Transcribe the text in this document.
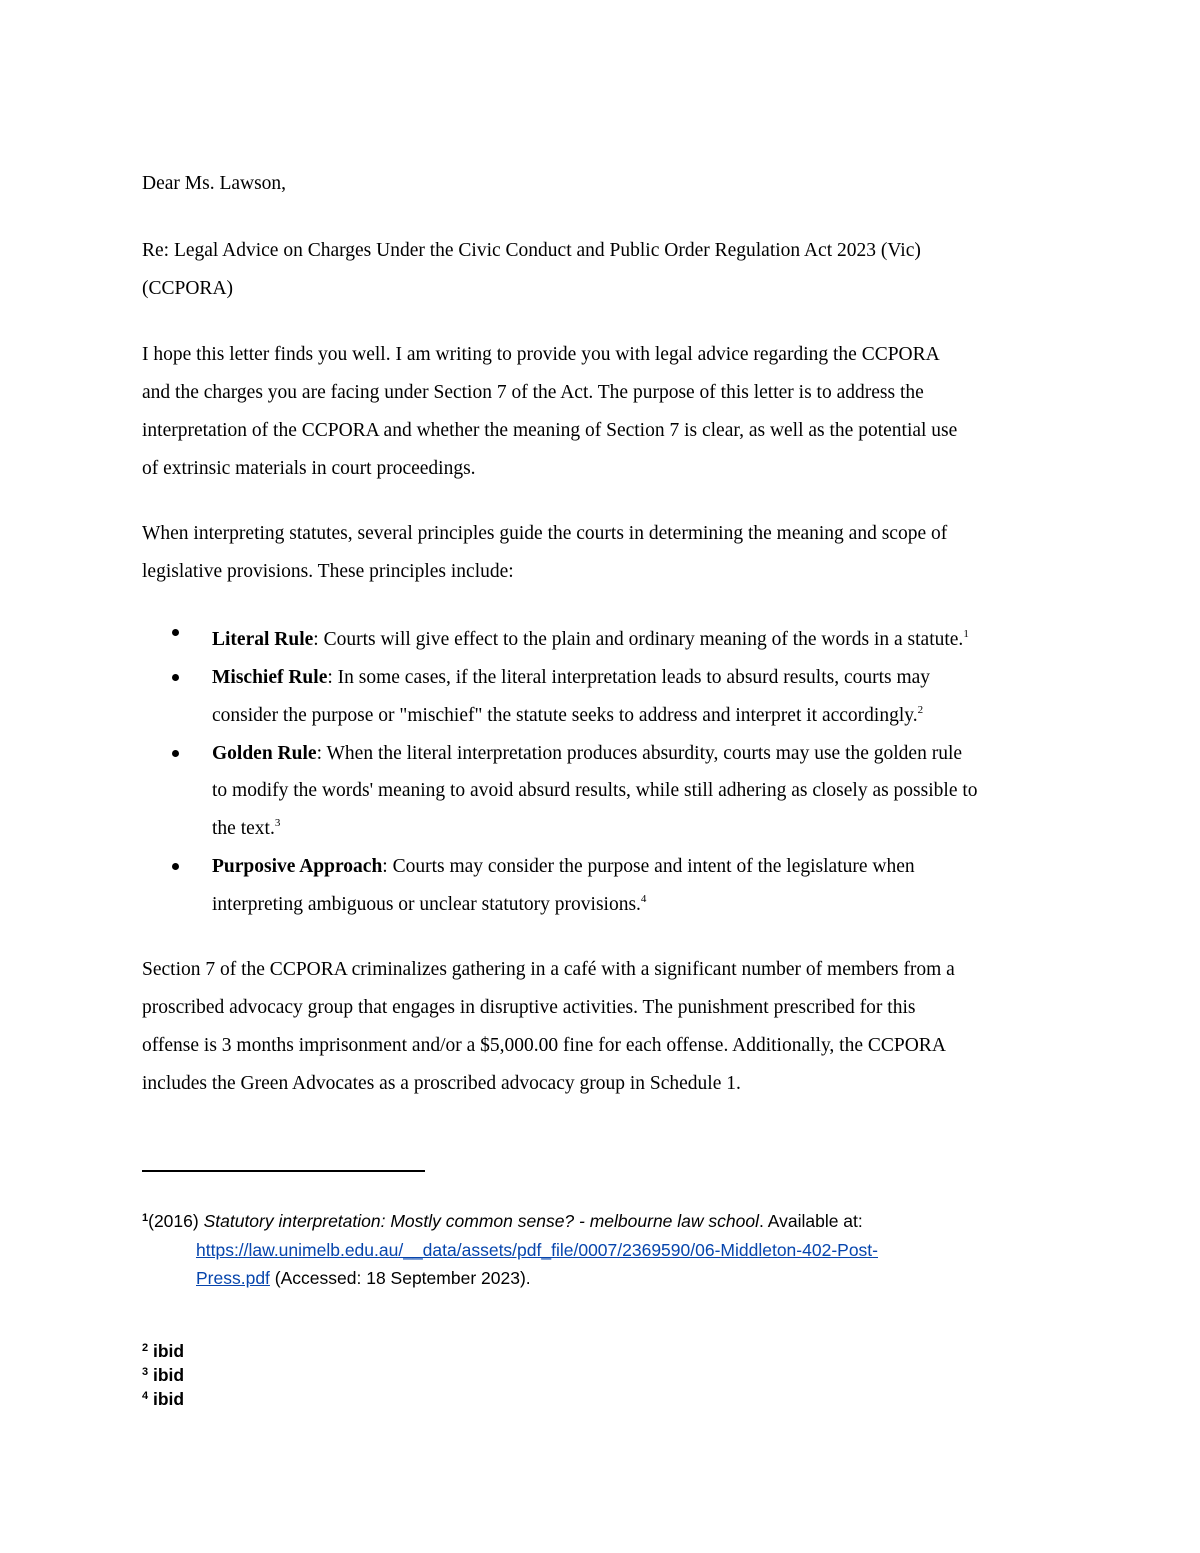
Dear Ms. Lawson,
Re: Legal Advice on Charges Under the Civic Conduct and Public Order Regulation Act 2023 (Vic)
(CCPORA)
I hope this letter finds you well. I am writing to provide you with legal advice regarding the CCPORA
and the charges you are facing under Section 7 of the Act. The purpose of this letter is to address the
interpretation of the CCPORA and whether the meaning of Section 7 is clear, as well as the potential use
of extrinsic materials in court proceedings.
When interpreting statutes, several principles guide the courts in determining the meaning and scope of
legislative provisions. These principles include:
Literal Rule: Courts will give effect to the plain and ordinary meaning of the words in a statute.$^1$
Mischief Rule: In some cases, if the literal interpretation leads to absurd results, courts may
consider the purpose or "mischief" the statute seeks to address and interpret it accordingly.$^2$
Golden Rule: When the literal interpretation produces absurdity, courts may use the golden rule
to modify the words' meaning to avoid absurd results, while still adhering as closely as possible to
the text.$^3$
Purposive Approach: Courts may consider the purpose and intent of the legislature when
interpreting ambiguous or unclear statutory provisions.$^4$
Section 7 of the CCPORA criminalizes gathering in a café with a significant number of members from a
proscribed advocacy group that engages in disruptive activities. The punishment prescribed for this
offense is 3 months imprisonment and/or a $5,000.00 fine for each offense. Additionally, the CCPORA
includes the Green Advocates as a proscribed advocacy group in Schedule 1.
$^1$(2016) Statutory interpretation: Mostly common sense? - melbourne law school. Available at:
https://law.unimelb.edu.au/__data/assets/pdf_file/0007/2369590/06-Middleton-402-Post-
Press.pdf (Accessed: 18 September 2023).
$^2$ ibid
$^3$ ibid
$^4$ ibid
